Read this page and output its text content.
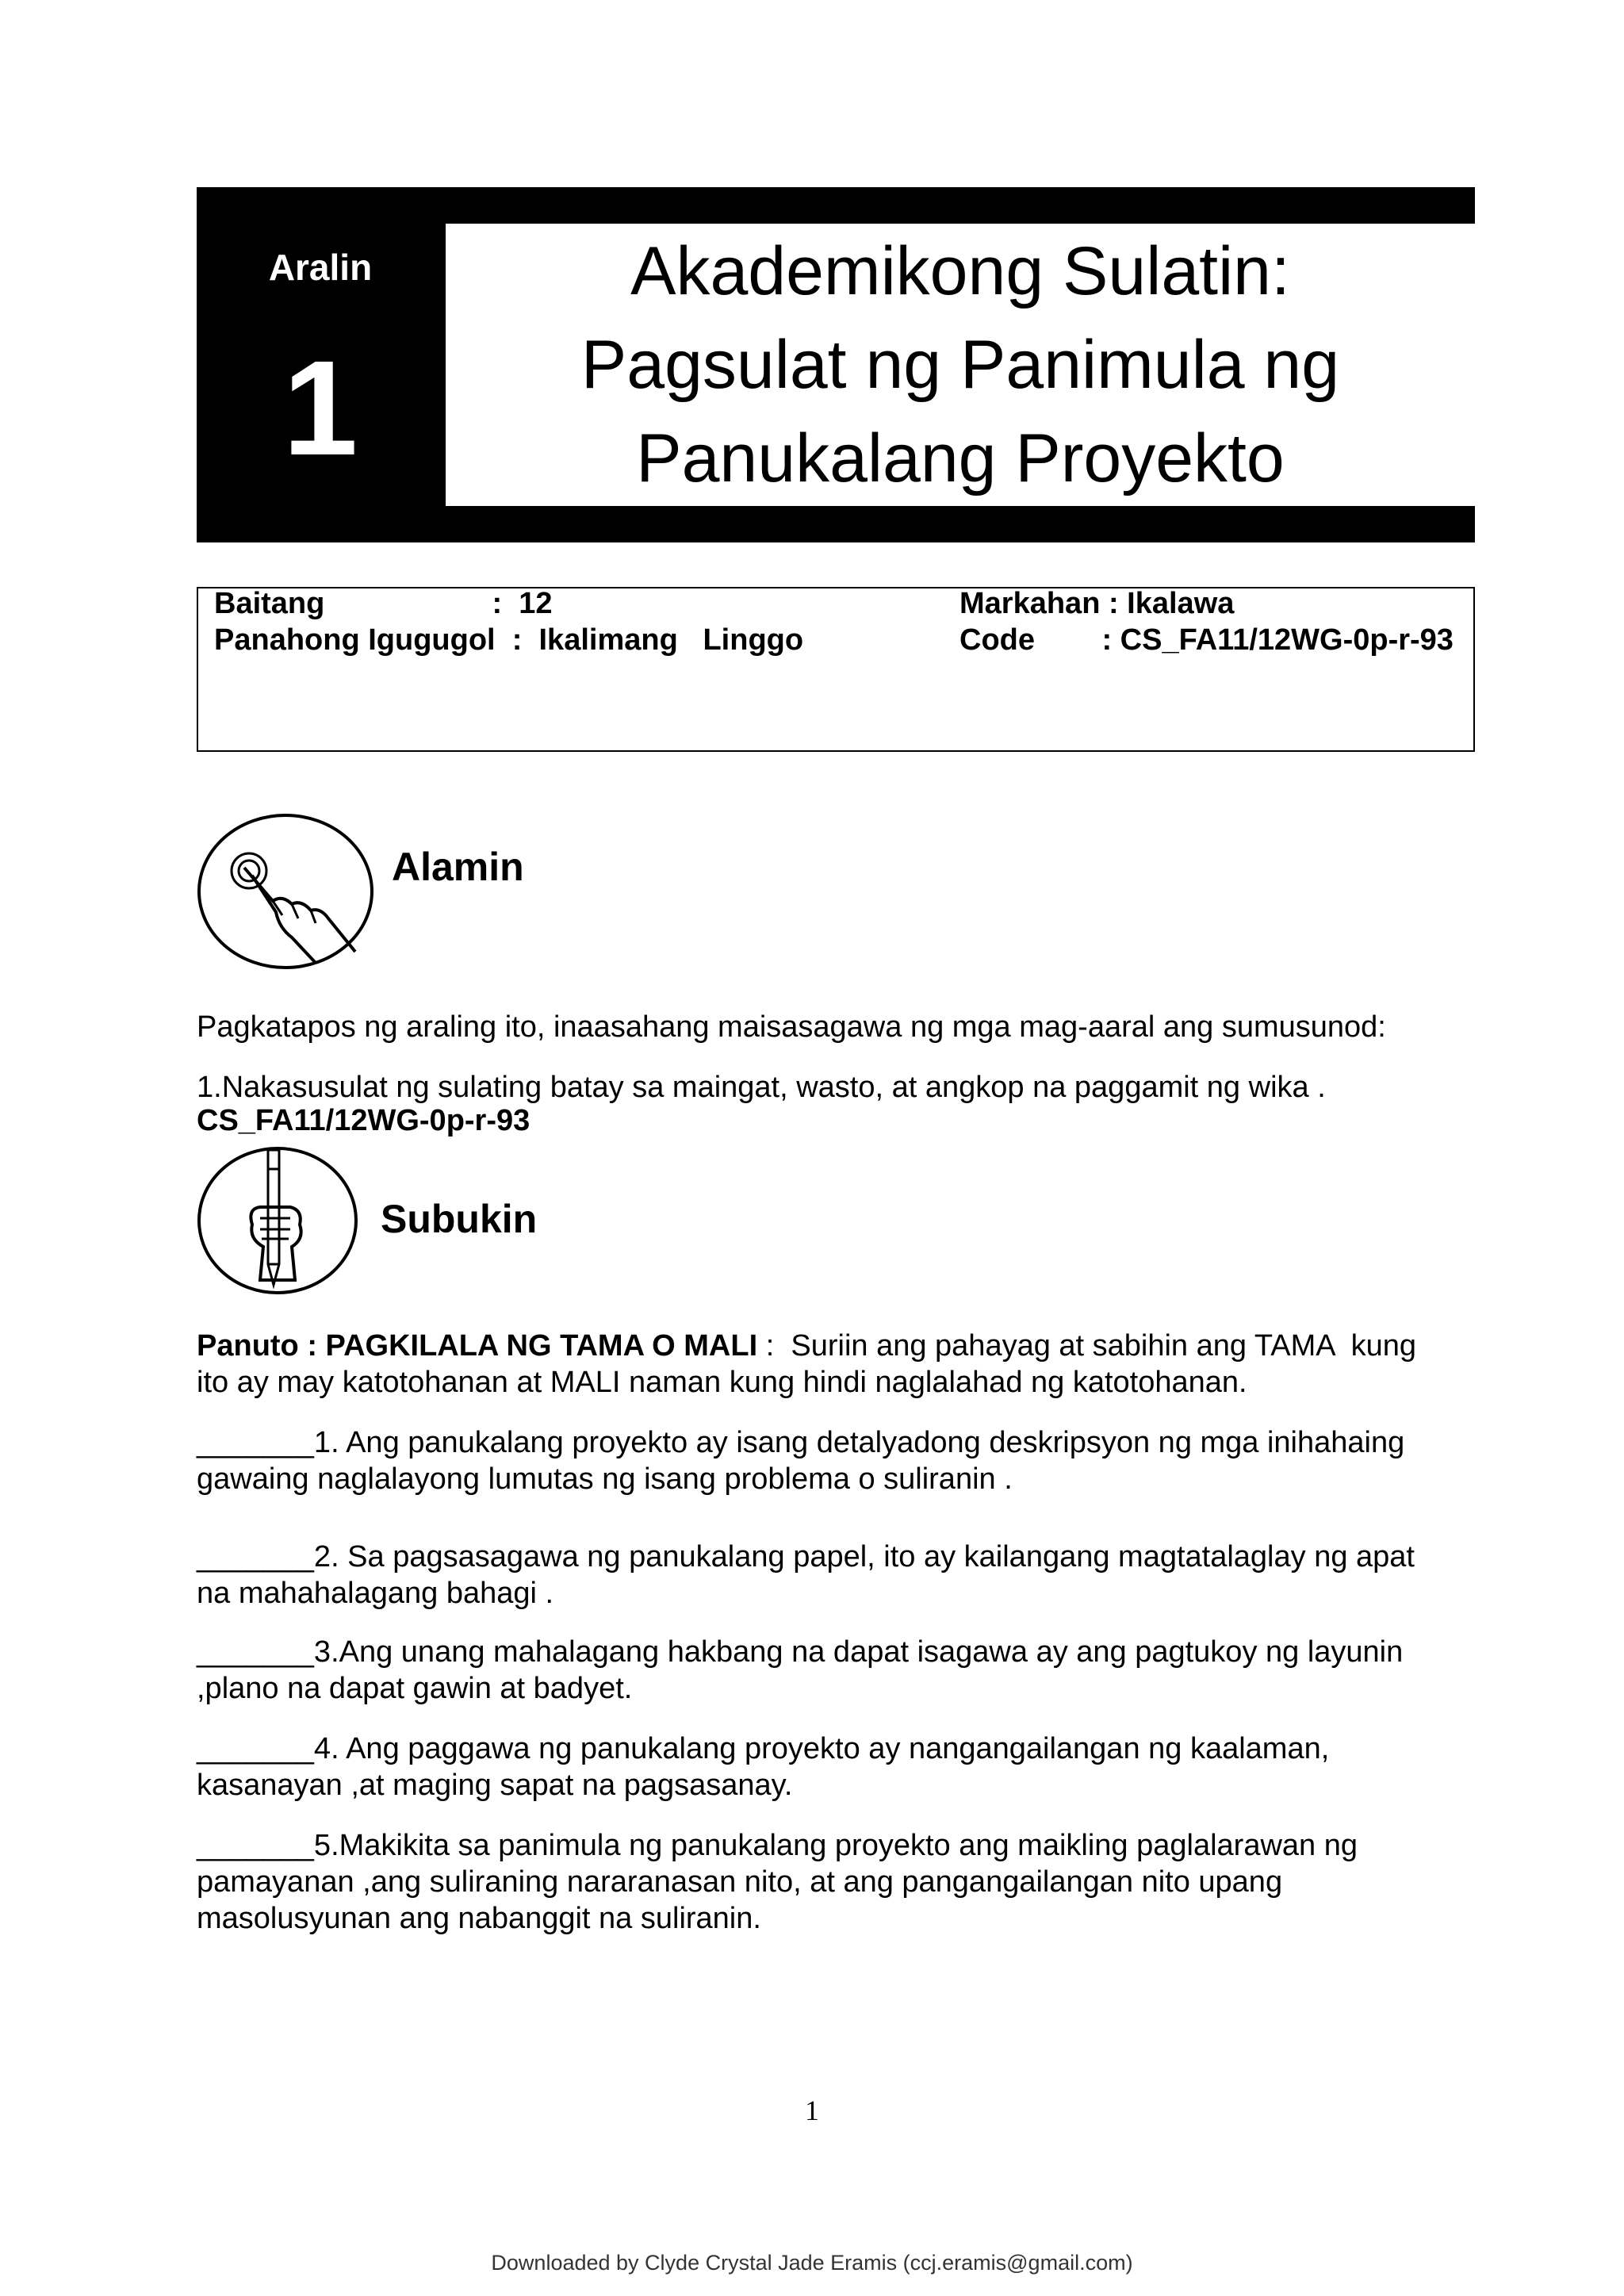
Aralin
1
Akademikong Sulatin:
Pagsulat ng Panimula ng
Panukalang Proyekto
Baitang                    :  12
Panahong Igugugol  :  Ikalimang   Linggo
Markahan : Ikalawa
Code        : CS_FA11/12WG-0p-r-93
Alamin
Pagkatapos ng araling ito, inaasahang maisasagawa ng mga mag-aaral ang sumusunod:
1.Nakasusulat ng sulating batay sa maingat, wasto, at angkop na paggamit ng wika .
CS_FA11/12WG-0p-r-93
Subukin
Panuto : PAGKILALA NG TAMA O MALI :  Suriin ang pahayag at sabihin ang TAMA  kung
ito ay may katotohanan at MALI naman kung hindi naglalahad ng katotohanan.
_______1. Ang panukalang proyekto ay isang detalyadong deskripsyon ng mga inihahaing
gawaing naglalayong lumutas ng isang problema o suliranin .
_______2. Sa pagsasagawa ng panukalang papel, ito ay kailangang magtatalaglay ng apat
na mahahalagang bahagi .
_______3.Ang unang mahalagang hakbang na dapat isagawa ay ang pagtukoy ng layunin
,plano na dapat gawin at badyet.
_______4. Ang paggawa ng panukalang proyekto ay nangangailangan ng kaalaman,
kasanayan ,at maging sapat na pagsasanay.
_______5.Makikita sa panimula ng panukalang proyekto ang maikling paglalarawan ng
pamayanan ,ang suliraning nararanasan nito, at ang pangangailangan nito upang
masolusyunan ang nabanggit na suliranin.
1
Downloaded by Clyde Crystal Jade Eramis (ccj.eramis@gmail.com)
